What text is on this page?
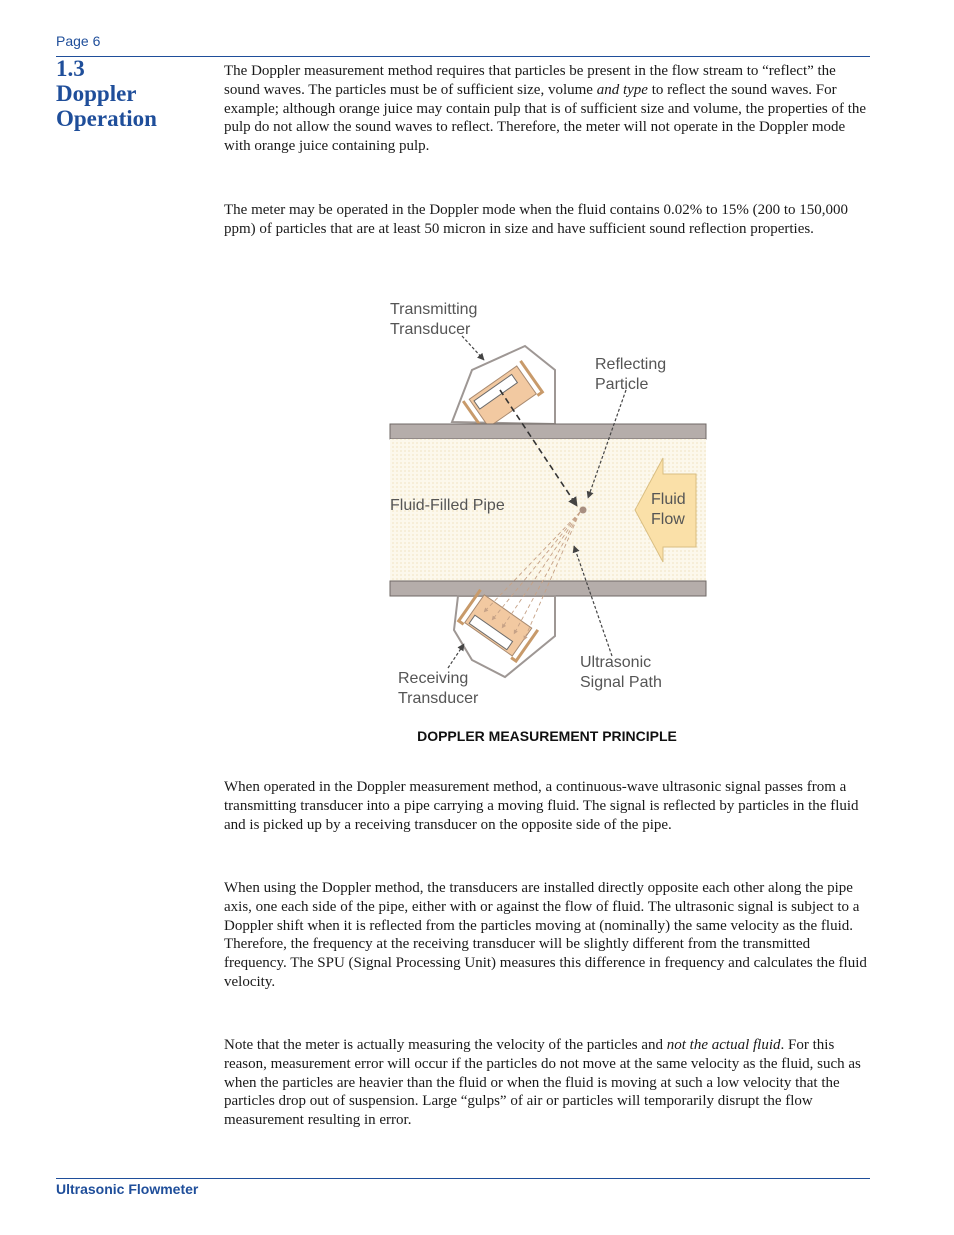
Page 6
1.3
Doppler
Operation

The Doppler measurement method requires that particles be present in the flow stream to “reflect” the sound waves. The particles must be of sufficient size, volume and type to reflect the sound waves. For example; although orange juice may contain pulp that is of sufficient size and volume, the properties of the pulp do not allow the sound waves to reflect. Therefore, the meter will not operate in the Doppler mode with orange juice containing pulp.

The meter may be operated in the Doppler mode when the fluid contains 0.02% to 15% (200 to 150,000 ppm) of particles that are at least 50 micron in size and have sufficient sound reflection properties.

Transmitting
Transducer
Reflecting
Particle
Fluid-Filled Pipe	Fluid
Flow
Receiving
Transducer
Ultrasonic
Signal Path
DOPPLER MEASUREMENT PRINCIPLE

When operated in the Doppler measurement method, a continuous-wave ultrasonic signal passes from a transmitting transducer into a pipe carrying a moving fluid. The signal is reflected by particles in the fluid and is picked up by a receiving transducer on the opposite side of the pipe.

When using the Doppler method, the transducers are installed directly opposite each other along the pipe axis, one each side of the pipe, either with or against the flow of fluid. The ultrasonic signal is subject to a Doppler shift when it is reflected from the particles moving at (nominally) the same velocity as the fluid. Therefore, the frequency at the receiving transducer will be slightly different from the transmitted frequency. The SPU (Signal Processing Unit) measures this difference in frequency and calculates the fluid velocity.

Note that the meter is actually measuring the velocity of the particles and not the actual fluid. For this reason, measurement error will occur if the particles do not move at the same velocity as the fluid, such as when the particles are heavier than the fluid or when the fluid is moving at such a low velocity that the particles drop out of suspension. Large “gulps” of air or particles will temporarily disrupt the flow measurement resulting in error.

Ultrasonic Flowmeter
